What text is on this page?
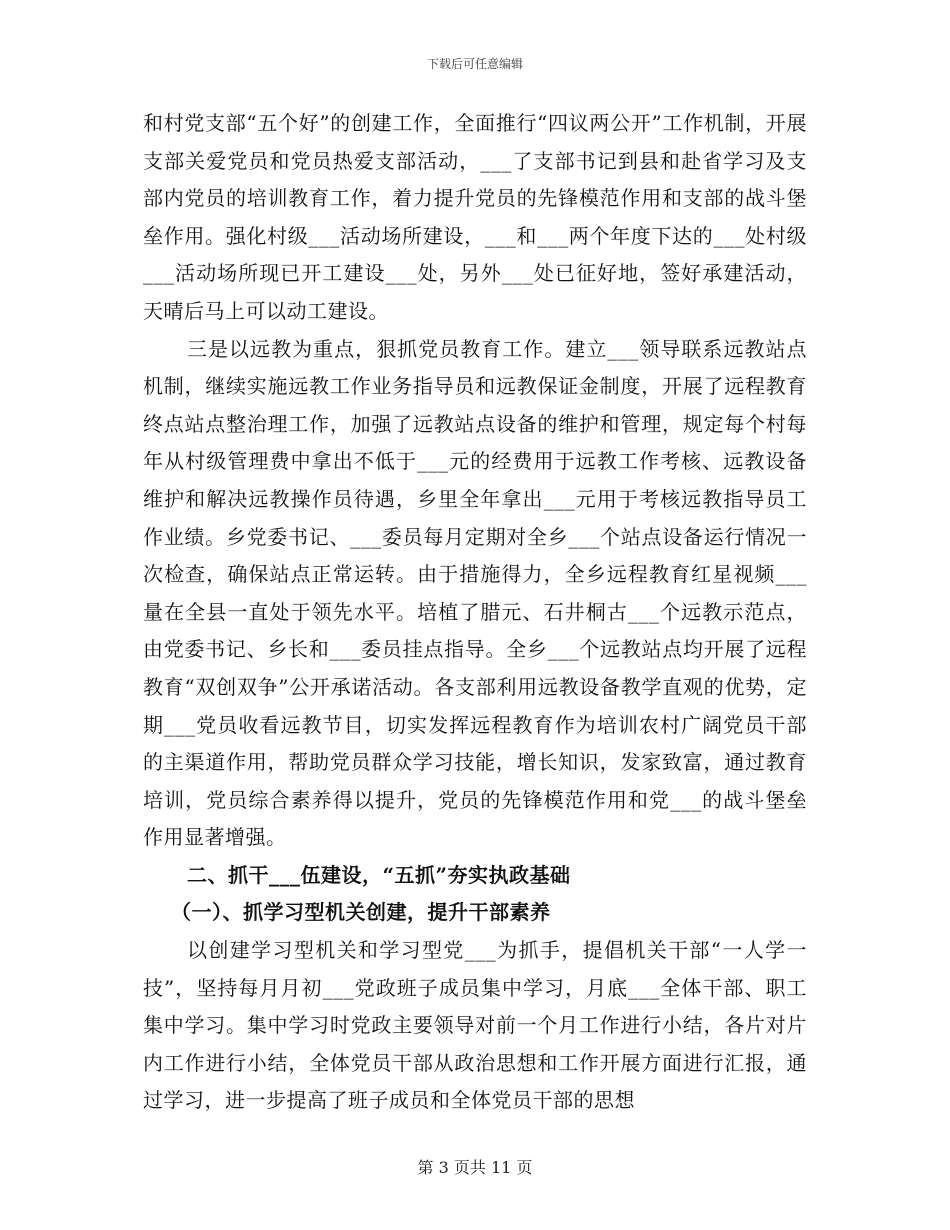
下载后可任意编辑

和村党支部“五个好”的创建工作，全面推行“四议两公开”工作机制，开展支部关爱党员和党员热爱支部活动，___了支部书记到县和赴省学习及支部内党员的培训教育工作，着力提升党员的先锋模范作用和支部的战斗堡垒作用。强化村级___活动场所建设，___和___两个年度下达的___处村级___活动场所现已开工建设___处，另外___处已征好地，签好承建活动，天晴后马上可以动工建设。

三是以远教为重点，狠抓党员教育工作。建立___领导联系远教站点机制，继续实施远教工作业务指导员和远教保证金制度，开展了远程教育终点站点整治理工作，加强了远教站点设备的维护和管理，规定每个村每年从村级管理费中拿出不低于___元的经费用于远教工作考核、远教设备维护和解决远教操作员待遇，乡里全年拿出___元用于考核远教指导员工作业绩。乡党委书记、___委员每月定期对全乡___个站点设备运行情况一次检查，确保站点正常运转。由于措施得力，全乡远程教育红星视频___量在全县一直处于领先水平。培植了腊元、石井桐古___个远教示范点，由党委书记、乡长和___委员挂点指导。全乡___个远教站点均开展了远程教育“双创双争”公开承诺活动。各支部利用远教设备教学直观的优势，定期___党员收看远教节目，切实发挥远程教育作为培训农村广阔党员干部的主渠道作用，帮助党员群众学习技能，增长知识，发家致富，通过教育培训，党员综合素养得以提升，党员的先锋模范作用和党___的战斗堡垒作用显著增强。

二、抓干___伍建设，“五抓”夯实执政基础

（一）、抓学习型机关创建，提升干部素养

以创建学习型机关和学习型党___为抓手，提倡机关干部“一人学一技”，坚持每月月初___党政班子成员集中学习，月底___全体干部、职工集中学习。集中学习时党政主要领导对前一个月工作进行小结，各片对片内工作进行小结，全体党员干部从政治思想和工作开展方面进行汇报，通过学习，进一步提高了班子成员和全体党员干部的思想

第 3 页共 11 页
